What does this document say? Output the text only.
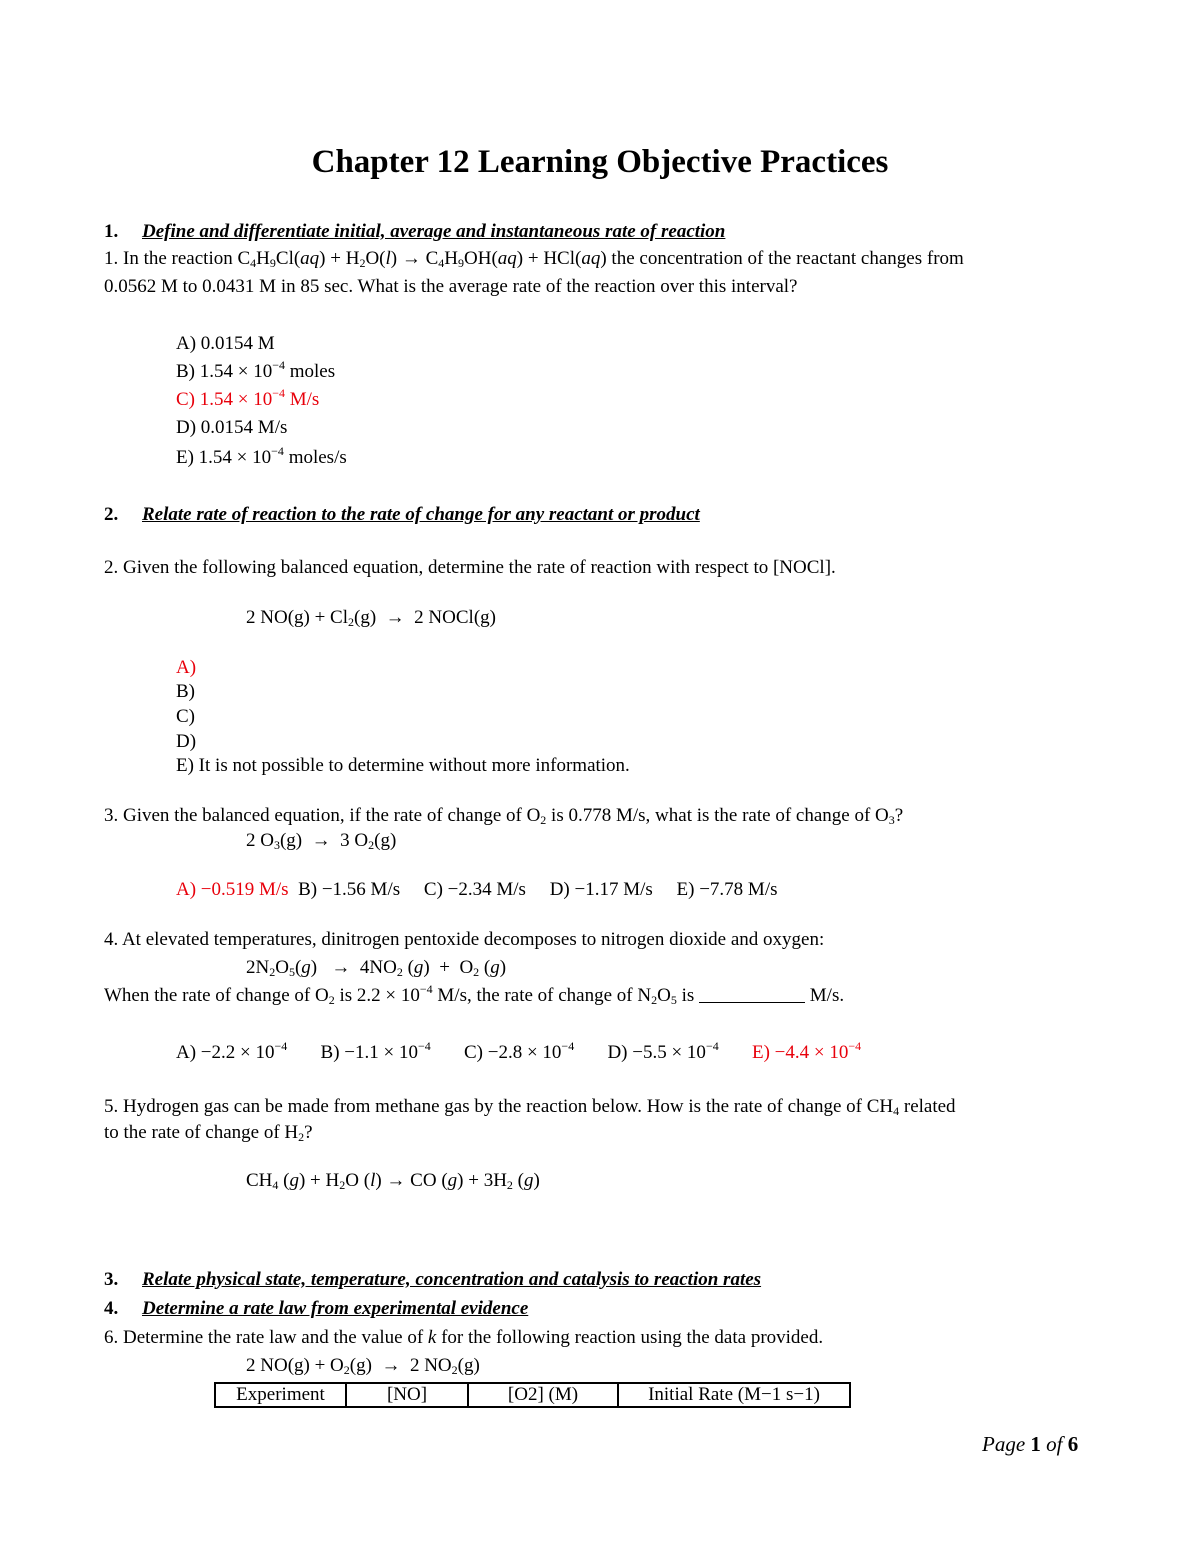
Chapter 12 Learning Objective Practices
1. Define and differentiate initial, average and instantaneous rate of reaction
1. In the reaction $C_4H_9Cl(aq) + H_2O(l) \to C_4H_9OH(aq) + HCl(aq)$ the concentration of the reactant changes from
0.0562 M to 0.0431 M in 85 sec. What is the average rate of the reaction over this interval?
A) 0.0154 M
B) $1.54 \times 10^{-4}$ moles
C) $1.54 \times 10^{-4}$ M/s
D) 0.0154 M/s
E) $1.54 \times 10^{-4}$ moles/s
2. Relate rate of reaction to the rate of change for any reactant or product
2. Given the following balanced equation, determine the rate of reaction with respect to [NOCl].
2 $NO(g) + Cl_2(g) \to 2$ NOCl(g)
A)
B)
C)
D)
E) It is not possible to determine without more information.
3. Given the balanced equation, if the rate of change of $O_2$ is 0.778 M/s, what is the rate of change of $O_3$?
2 $O_3(g) \to 3$ $O_2(g)$
A) −0.519 M/s B) −1.56 M/s C) −2.34 M/s D) −1.17 M/s E) −7.78 M/s
4. At elevated temperatures, dinitrogen pentoxide decomposes to nitrogen dioxide and oxygen:
$2N_2O_5(g) \to 4NO_2$ $(g) + O_2$ (g)
When the rate of change of $O_2$ is $2.2 \times 10^{-4}$ M/s, the rate of change of $N_2O_5$ is	M/s.
$A) -2.2 \times 10^{-4}$ $B) -1.1 \times 10^{-4}$ $C) -2.8 \times 10^{-4}$ $D) -5.5 \times 10^{-4}$ $E) -4.4 \times 10^{-4}$
5. Hydrogen gas can be made from methane gas by the reaction below. How is the rate of change of $CH_4$ related
to the rate of change of $H_2$?
$CH_4$ $(g) + H_2O$ (l) → CO $(g) + 3H_2$ (g)
3. Relate physical state, temperature, concentration and catalysis to reaction rates
4. Determine a rate law from experimental evidence
6. Determine the rate law and the value of k for the following reaction using the data provided.
2 $NO(g) + O_2(g) \to 2$ $NO_2(g)$
Experiment	[NO]	[O2] (M)	Initial Rate (M−1 s−1)
Page 1 of 6
